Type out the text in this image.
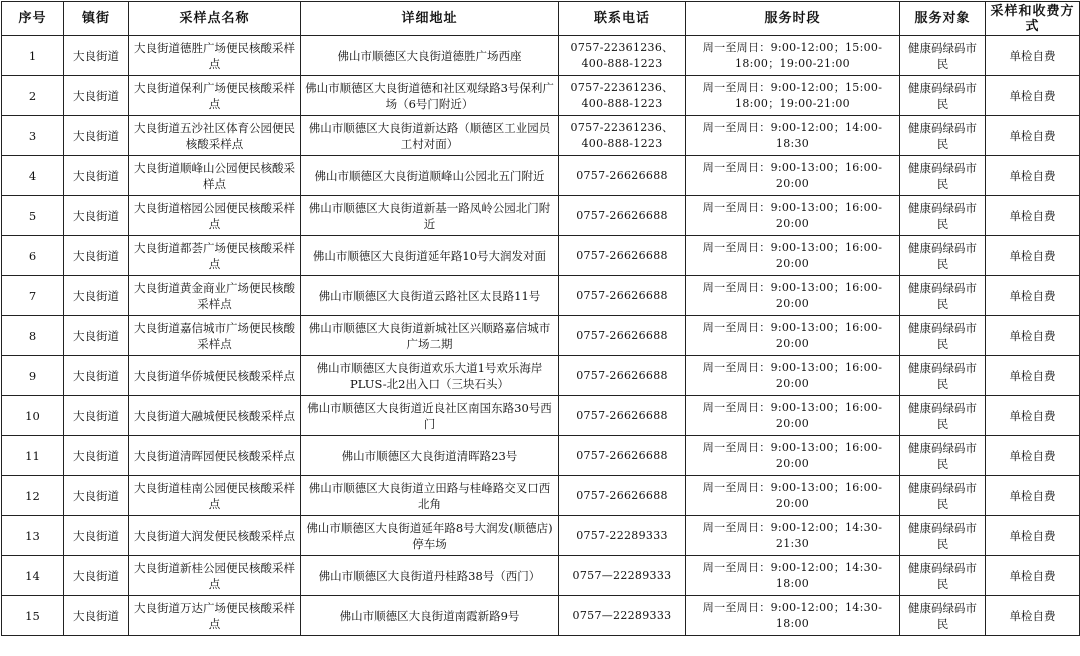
序号	镇街	采样点名称	详细地址	联系电话	服务时段	服务对象	采样和收费方式
1	大良街道	大良街道德胜广场便民核酸采样点	佛山市顺德区大良街道德胜广场西座	0757-22361236、400-888-1223	周一至周日：9:00-12:00；15:00-18:00；19:00-21:00	健康码绿码市民	单检自费
2	大良街道	大良街道保利广场便民核酸采样点	佛山市顺德区大良街道德和社区观绿路3号保利广场（6号门附近）	0757-22361236、400-888-1223	周一至周日：9:00-12:00；15:00-18:00；19:00-21:00	健康码绿码市民	单检自费
3	大良街道	大良街道五沙社区体育公园便民核酸采样点	佛山市顺德区大良街道新达路（顺德区工业园员工村对面）	0757-22361236、400-888-1223	周一至周日：9:00-12:00；14:00-18:30	健康码绿码市民	单检自费
4	大良街道	大良街道顺峰山公园便民核酸采样点	佛山市顺德区大良街道顺峰山公园北五门附近	0757-26626688	周一至周日：9:00-13:00；16:00-20:00	健康码绿码市民	单检自费
5	大良街道	大良街道榕园公园便民核酸采样点	佛山市顺德区大良街道新基一路凤岭公园北门附近	0757-26626688	周一至周日：9:00-13:00；16:00-20:00	健康码绿码市民	单检自费
6	大良街道	大良街道都荟广场便民核酸采样点	佛山市顺德区大良街道延年路10号大润发对面	0757-26626688	周一至周日：9:00-13:00；16:00-20:00	健康码绿码市民	单检自费
7	大良街道	大良街道黄金商业广场便民核酸采样点	佛山市顺德区大良街道云路社区太艮路11号	0757-26626688	周一至周日：9:00-13:00；16:00-20:00	健康码绿码市民	单检自费
8	大良街道	大良街道嘉信城市广场便民核酸采样点	佛山市顺德区大良街道新城社区兴顺路嘉信城市广场二期	0757-26626688	周一至周日：9:00-13:00；16:00-20:00	健康码绿码市民	单检自费
9	大良街道	大良街道华侨城便民核酸采样点	佛山市顺德区大良街道欢乐大道1号欢乐海岸PLUS-北2出入口（三块石头）	0757-26626688	周一至周日：9:00-13:00；16:00-20:00	健康码绿码市民	单检自费
10	大良街道	大良街道大融城便民核酸采样点	佛山市顺德区大良街道近良社区南国东路30号西门	0757-26626688	周一至周日：9:00-13:00；16:00-20:00	健康码绿码市民	单检自费
11	大良街道	大良街道清晖园便民核酸采样点	佛山市顺德区大良街道清晖路23号	0757-26626688	周一至周日：9:00-13:00；16:00-20:00	健康码绿码市民	单检自费
12	大良街道	大良街道桂南公园便民核酸采样点	佛山市顺德区大良街道立田路与桂峰路交叉口西北角	0757-26626688	周一至周日：9:00-13:00；16:00-20:00	健康码绿码市民	单检自费
13	大良街道	大良街道大润发便民核酸采样点	佛山市顺德区大良街道延年路8号大润发(顺德店)停车场	0757-22289333	周一至周日：9:00-12:00；14:30-21:30	健康码绿码市民	单检自费
14	大良街道	大良街道新桂公园便民核酸采样点	佛山市顺德区大良街道丹桂路38号（西门）	0757—22289333	周一至周日：9:00-12:00；14:30-18:00	健康码绿码市民	单检自费
15	大良街道	大良街道万达广场便民核酸采样点	佛山市顺德区大良街道南霞新路9号	0757—22289333	周一至周日：9:00-12:00；14:30-18:00	健康码绿码市民	单检自费
